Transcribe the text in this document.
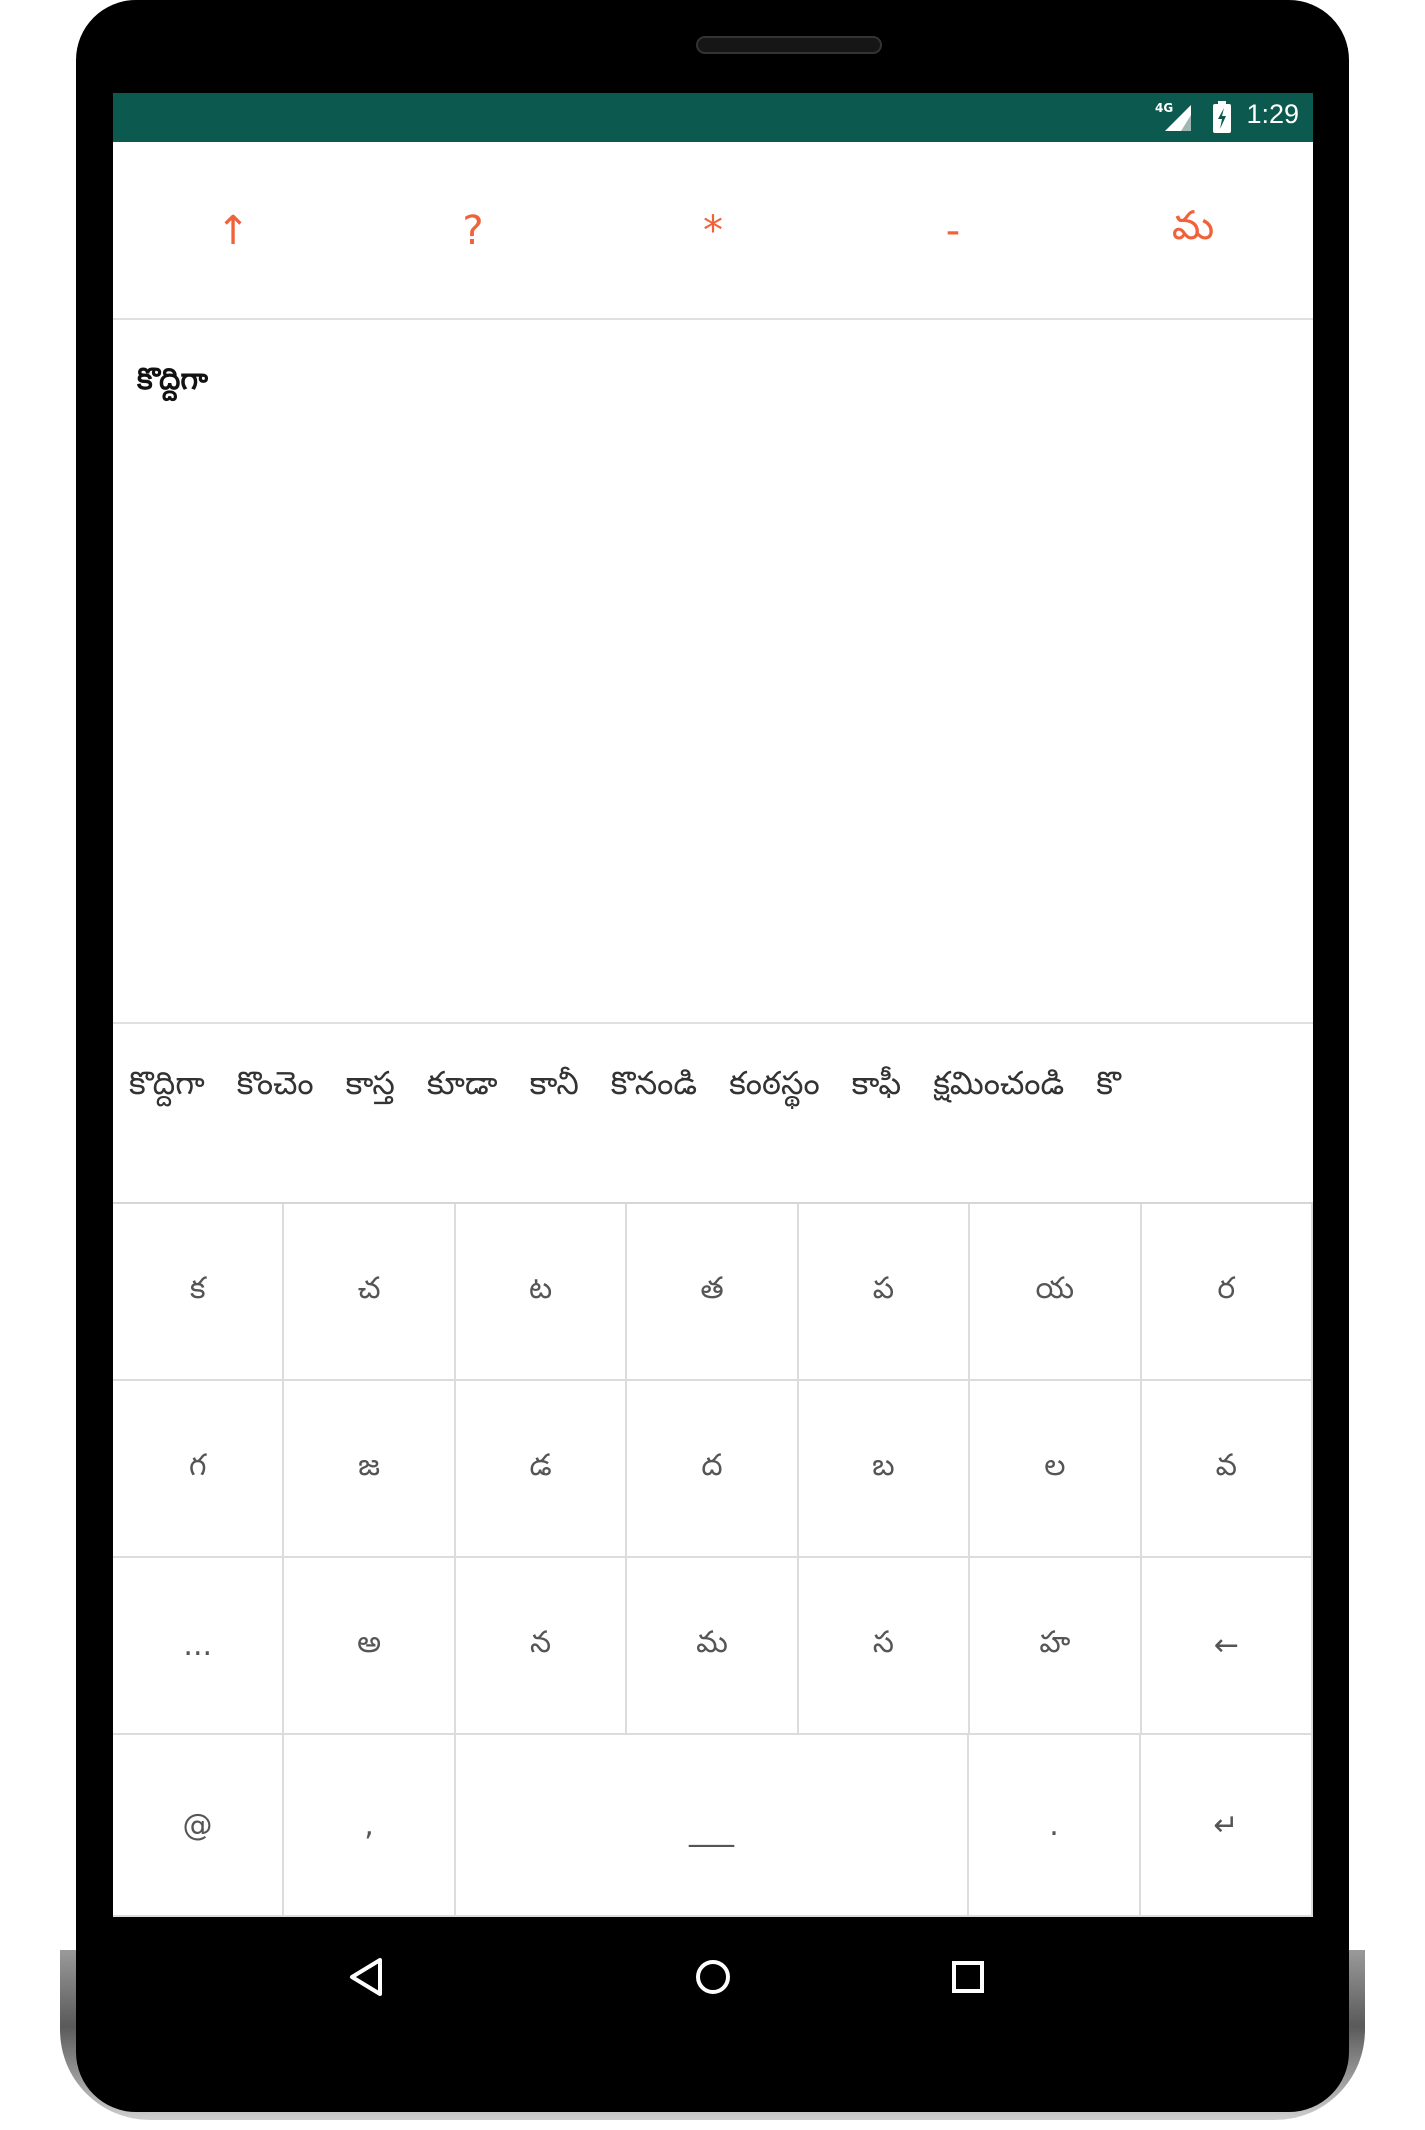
4G	1:29
↑	?	*	-	మ
కొద్దిగా
కొద్దిగా కొంచెం కాస్త కూడా కానీ కొనండి కంఠస్థం కాఫీ క్షమించండి కొ
క	చ	ట	త	ప	య	ర
గ	జ	డ	ద	బ	ల	వ
...	అ	న	మ	స	హ	←
@	,	___	.	↵
